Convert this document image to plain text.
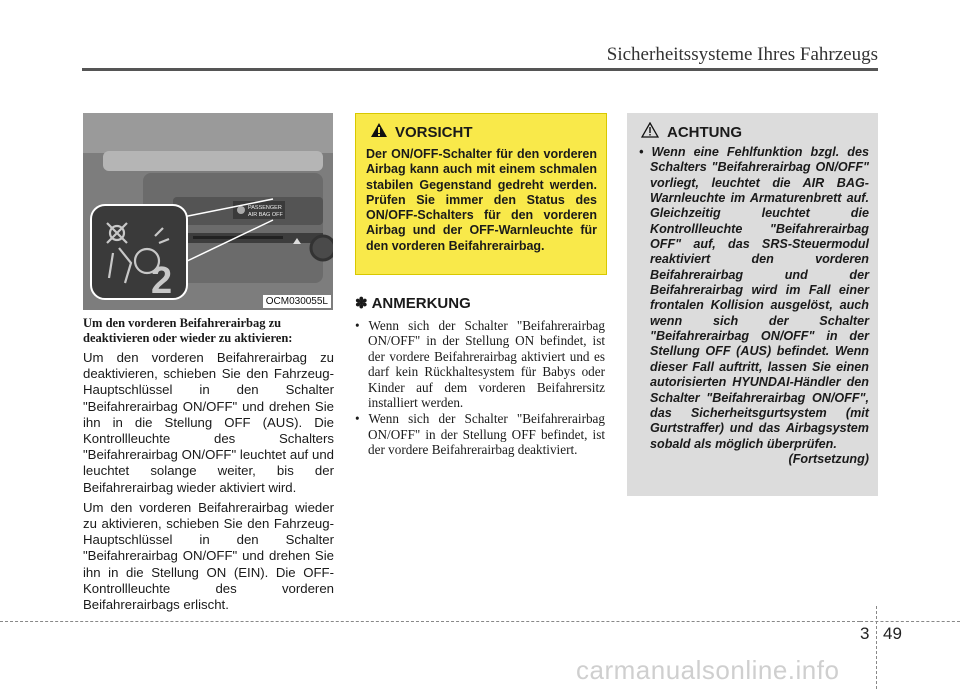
Sicherheitssysteme Ihres Fahrzeugs
PASSENGER
AIR BAG OFF
2	OCM030055L
Um den vorderen Beifahrerairbag zu
deaktivieren oder wieder zu aktivieren:

Um den vorderen Beifahrerairbag zu deaktivieren, schieben Sie den Fahrzeug-Hauptschlüssel in den Schalter "Beifahrerairbag ON/OFF" und drehen Sie ihn in die Stellung OFF (AUS). Die Kontrollleuchte des Schalters "Beifahrerairbag ON/OFF" leuchtet auf und leuchtet solange weiter, bis der Beifahrerairbag wieder aktiviert wird.

Um den vorderen Beifahrerairbag wieder zu aktivieren, schieben Sie den Fahrzeug-Hauptschlüssel in den Schalter "Beifahrerairbag ON/OFF" und drehen Sie ihn in die Stellung ON (EIN). Die OFF-Kontrollleuchte des vorderen Beifahrerairbags erlischt.

VORSICHT
Der ON/OFF-Schalter für den vorderen Airbag kann auch mit einem schmalen stabilen Gegenstand gedreht werden. Prüfen Sie immer den Status des ON/OFF-Schalters für den vorderen Airbag und der OFF-Warnleuchte für den vorderen Beifahrerairbag.
✽ ANMERKUNG
• Wenn sich der Schalter "Beifahrerairbag ON/OFF" in der Stellung ON befindet, ist der vordere Beifahrerairbag aktiviert und es darf kein Rückhaltesystem für Babys oder Kinder auf dem vorderen Beifahrersitz installiert werden.
• Wenn sich der Schalter "Beifahrerairbag ON/OFF" in der Stellung OFF befindet, ist der vordere Beifahrerairbag deaktiviert.
ACHTUNG
• Wenn eine Fehlfunktion bzgl. des Schalters "Beifahrerairbag ON/OFF" vorliegt, leuchtet die AIR BAG-Warnleuchte im Armaturenbrett auf. Gleichzeitig leuchtet die Kontrollleuchte "Beifahrerairbag OFF" auf, das SRS-Steuermodul reaktiviert den vorderen Beifahrerairbag und der Beifahrerairbag wird im Fall einer frontalen Kollision ausgelöst, auch wenn sich der Schalter "Beifahrerairbag ON/OFF" in der Stellung OFF (AUS) befindet. Wenn dieser Fall auftritt, lassen Sie einen autorisierten HYUNDAI-Händler den Schalter "Beifahrerairbag ON/OFF", das Sicherheitsgurtsystem (mit Gurtstraffer) und das Airbagsystem sobald als möglich überprüfen.
(Fortsetzung)
3 49
carmanualsonline.info
